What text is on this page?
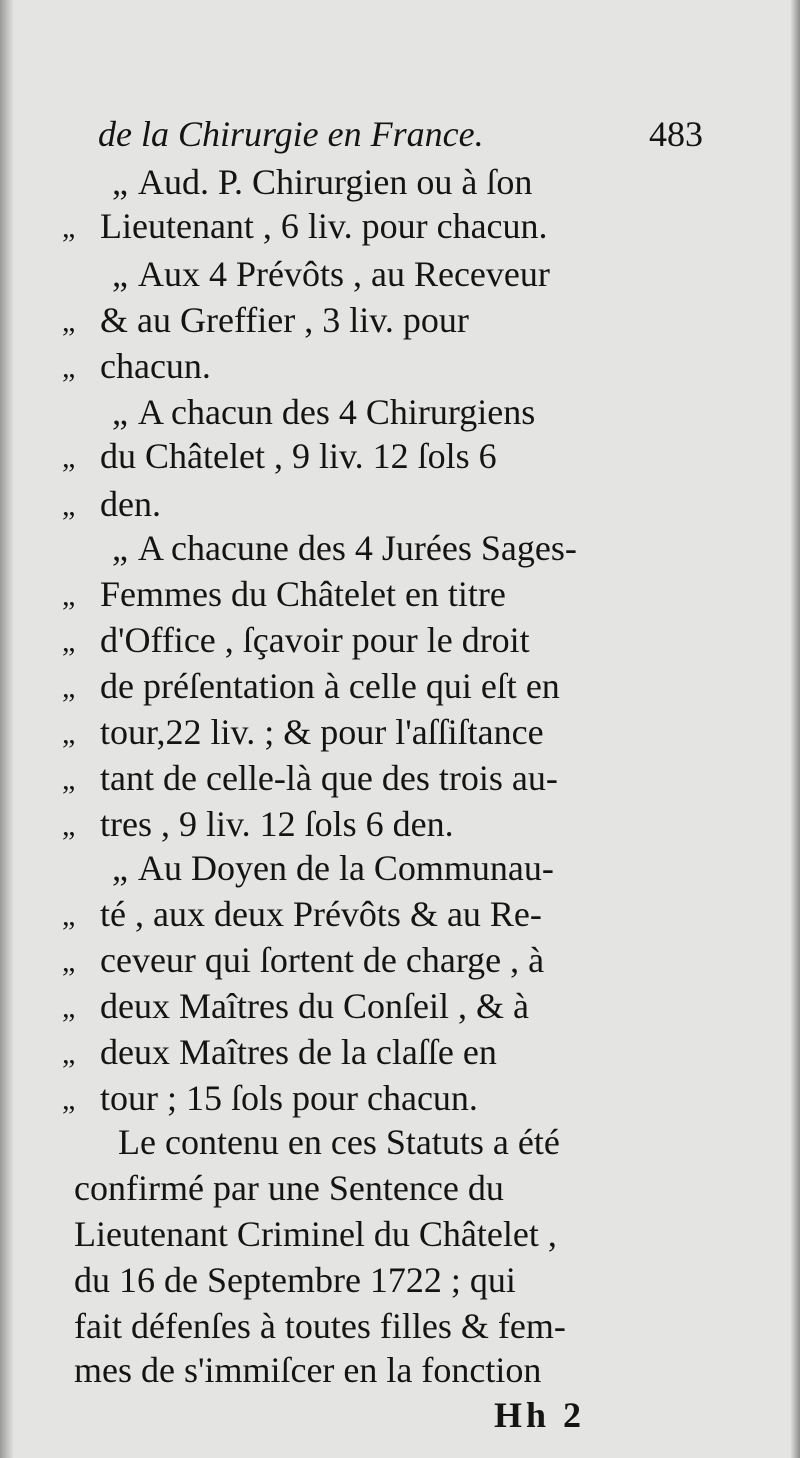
de la Chirurgie en France.	483
„ Aud. P. Chirurgien ou à ſon
„ Lieutenant , 6 liv. pour chacun.
„ Aux 4 Prévôts , au Receveur
„ & au Greffier , 3 liv. pour
„ chacun.
„ A chacun des 4 Chirurgiens
„ du Châtelet , 9 liv. 12 ſols 6
„ den.
„ A chacune des 4 Jurées Sages-
„ Femmes du Châtelet en titre
„ d'Office , ſçavoir pour le droit
„ de préſentation à celle qui eſt en
„ tour,22 liv. ; & pour l'aſſiſtance
„ tant de celle-là que des trois au-
„ tres , 9 liv. 12 ſols 6 den.
„ Au Doyen de la Communau-
„ té , aux deux Prévôts & au Re-
„ ceveur qui ſortent de charge , à
„ deux Maîtres du Conſeil , & à
„ deux Maîtres de la claſſe en
„ tour ; 15 ſols pour chacun.
Le contenu en ces Statuts a été
confirmé par une Sentence du
Lieutenant Criminel du Châtelet ,
du 16 de Septembre 1722 ; qui
fait défenſes à toutes filles & fem-
mes de s'immiſcer en la fonction
Hh 2
